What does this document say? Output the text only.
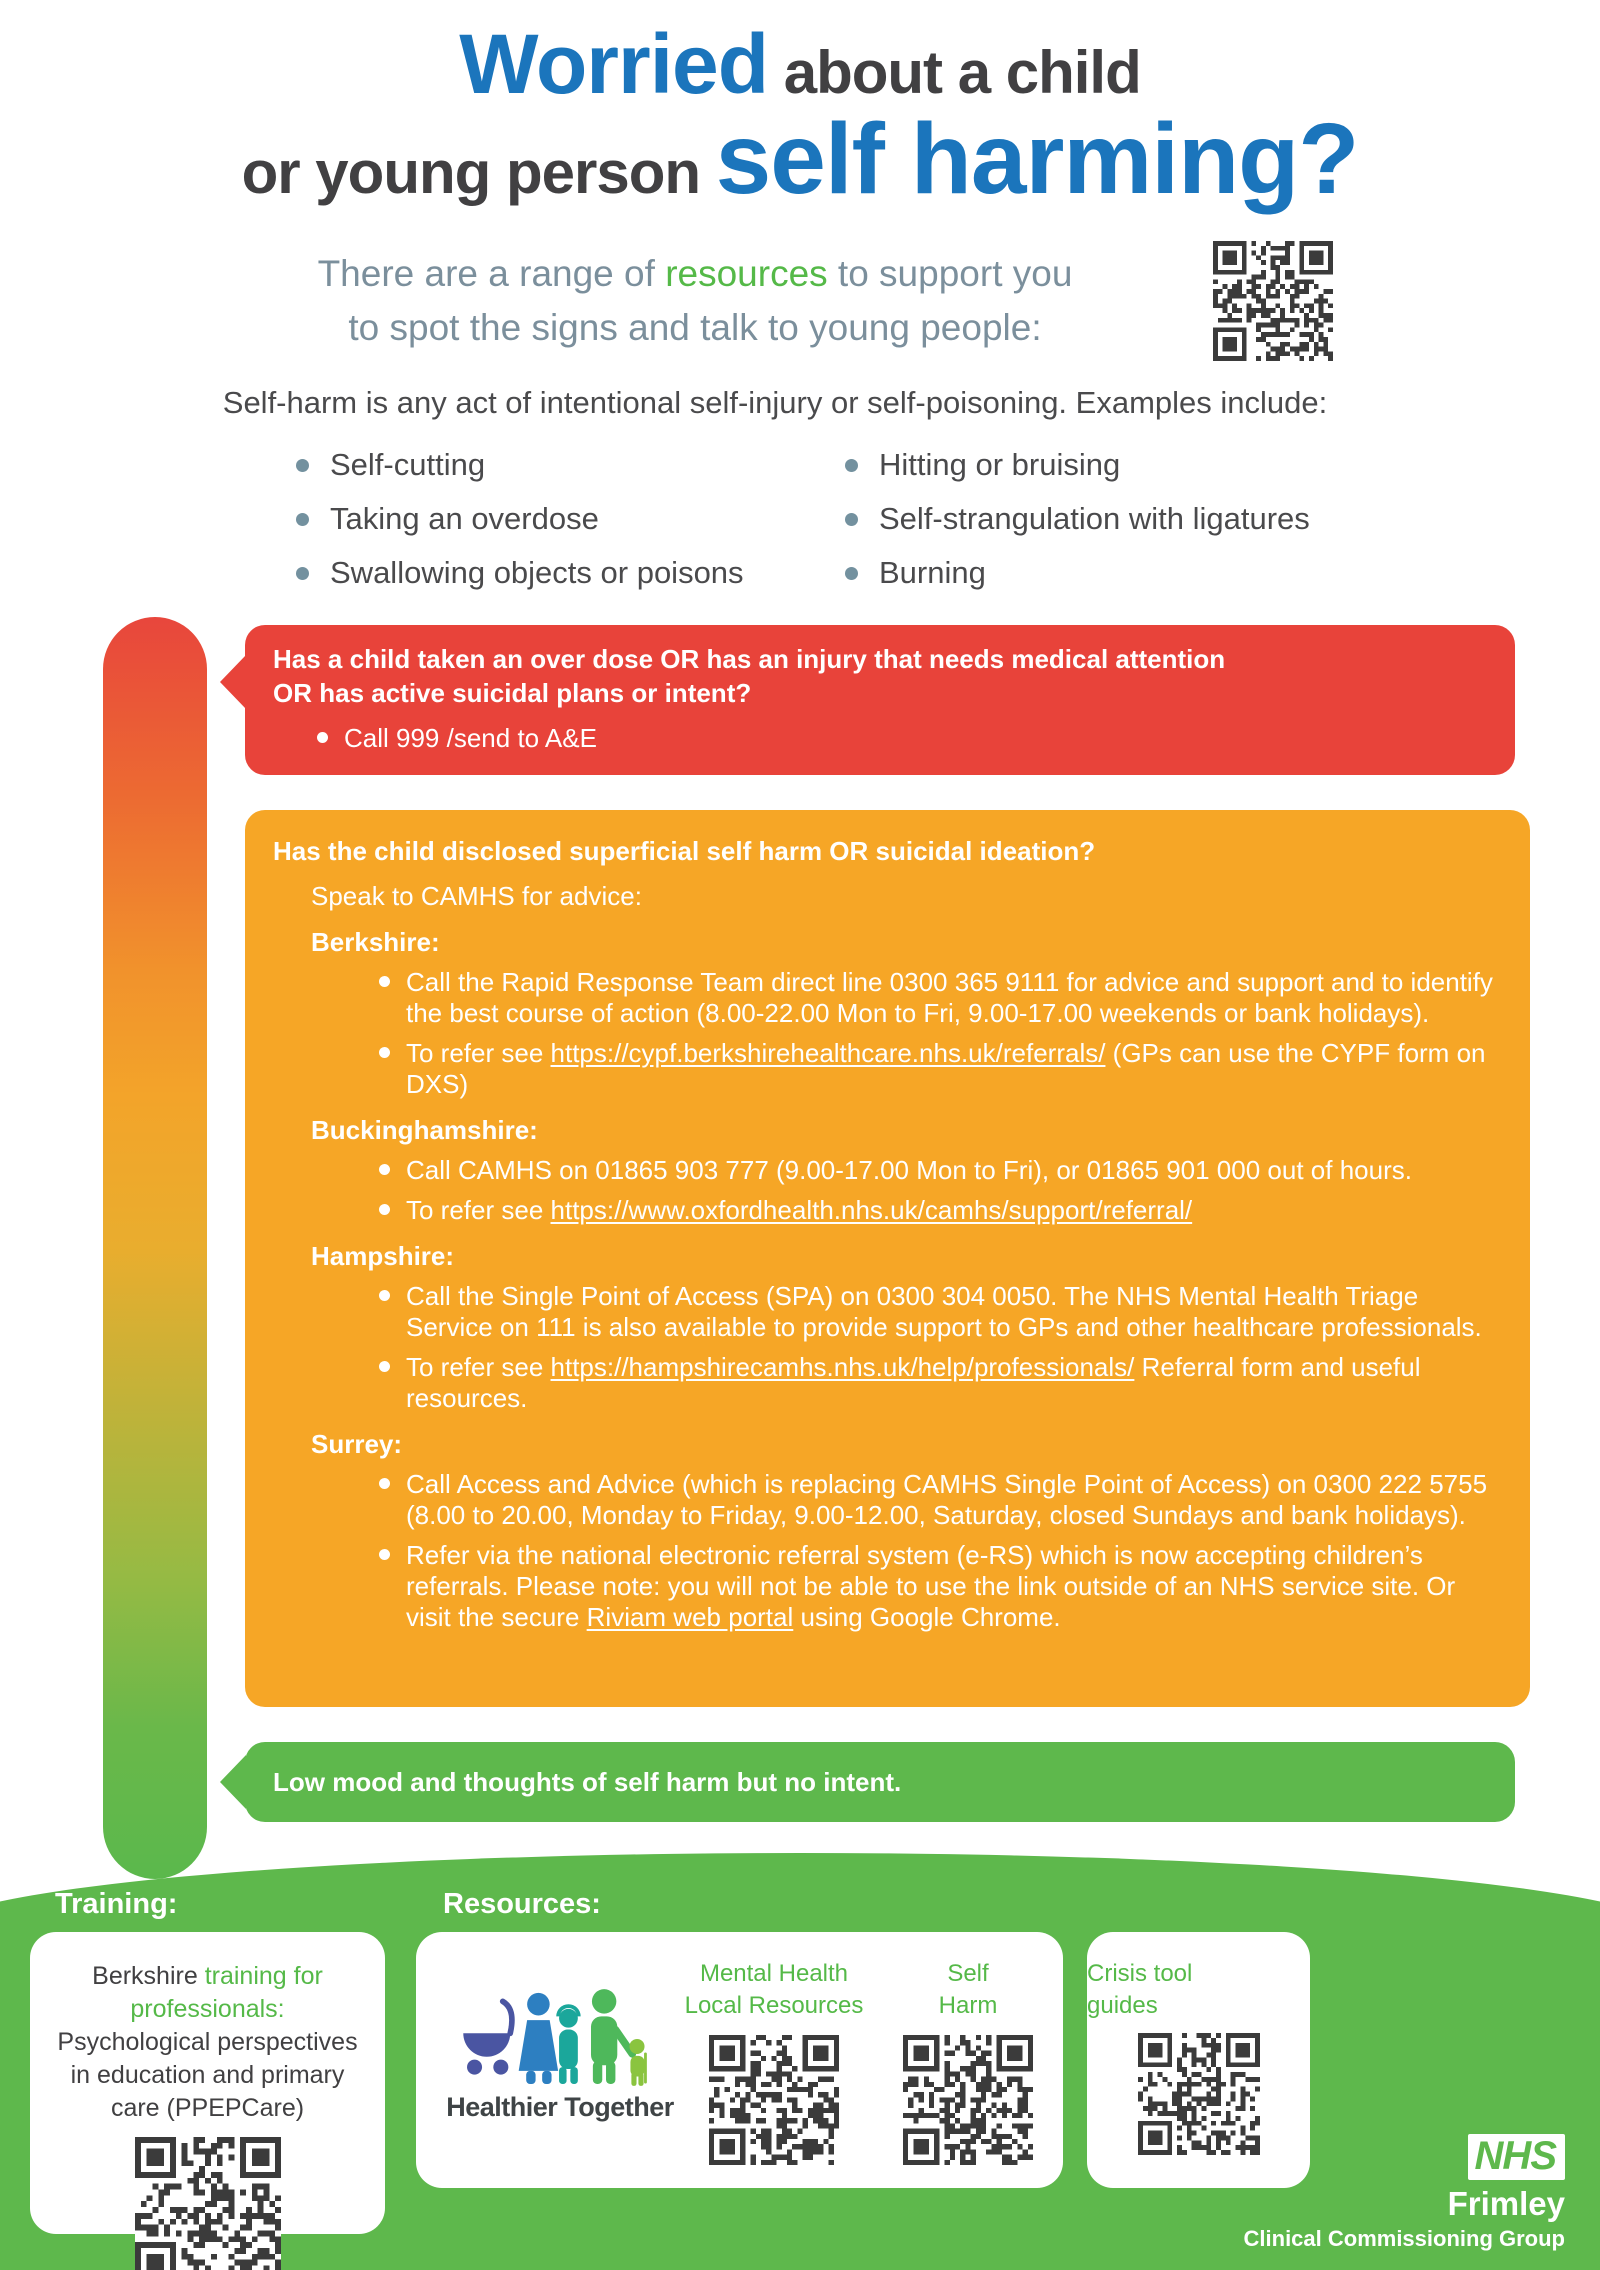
Worried about a child
or young person self harming?
There are a range of resources to support you
to spot the signs and talk to young people:
Self-harm is any act of intentional self-injury or self-poisoning. Examples include:
Self-cutting
Taking an overdose
Swallowing objects or poisons
Hitting or bruising
Self-strangulation with ligatures
Burning
Has a child taken an over dose OR has an injury that needs medical attention
OR has active suicidal plans or intent?
Call 999 /send to A&E
Has the child disclosed superficial self harm OR suicidal ideation?
Speak to CAMHS for advice:
Berkshire:
Call the Rapid Response Team direct line 0300 365 9111 for advice and support and to identify the best course of action (8.00-22.00 Mon to Fri, 9.00-17.00 weekends or bank holidays).
To refer see https://cypf.berkshirehealthcare.nhs.uk/referrals/ (GPs can use the CYPF form on DXS)
Buckinghamshire:
Call CAMHS on 01865 903 777 (9.00-17.00 Mon to Fri), or 01865 901 000 out of hours.
To refer see https://www.oxfordhealth.nhs.uk/camhs/support/referral/
Hampshire:
Call the Single Point of Access (SPA) on 0300 304 0050. The NHS Mental Health Triage Service on 111 is also available to provide support to GPs and other healthcare professionals.
To refer see https://hampshirecamhs.nhs.uk/help/professionals/ Referral form and useful resources.
Surrey:
Call Access and Advice (which is replacing CAMHS Single Point of Access) on 0300 222 5755 (8.00 to 20.00, Monday to Friday, 9.00-12.00, Saturday, closed Sundays and bank holidays).
Refer via the national electronic referral system (e-RS) which is now accepting children’s referrals. Please note: you will not be able to use the link outside of an NHS service site. Or visit the secure Riviam web portal using Google Chrome.
Low mood and thoughts of self harm but no intent.
Training:	Resources:
Berkshire training for professionals: Psychological perspectives in education and primary care (PPEPCare)	Healthier Together
Mental Health
Local Resources
Self
Harm
Crisis tool
guides
NHS
Frimley
Clinical Commissioning Group
